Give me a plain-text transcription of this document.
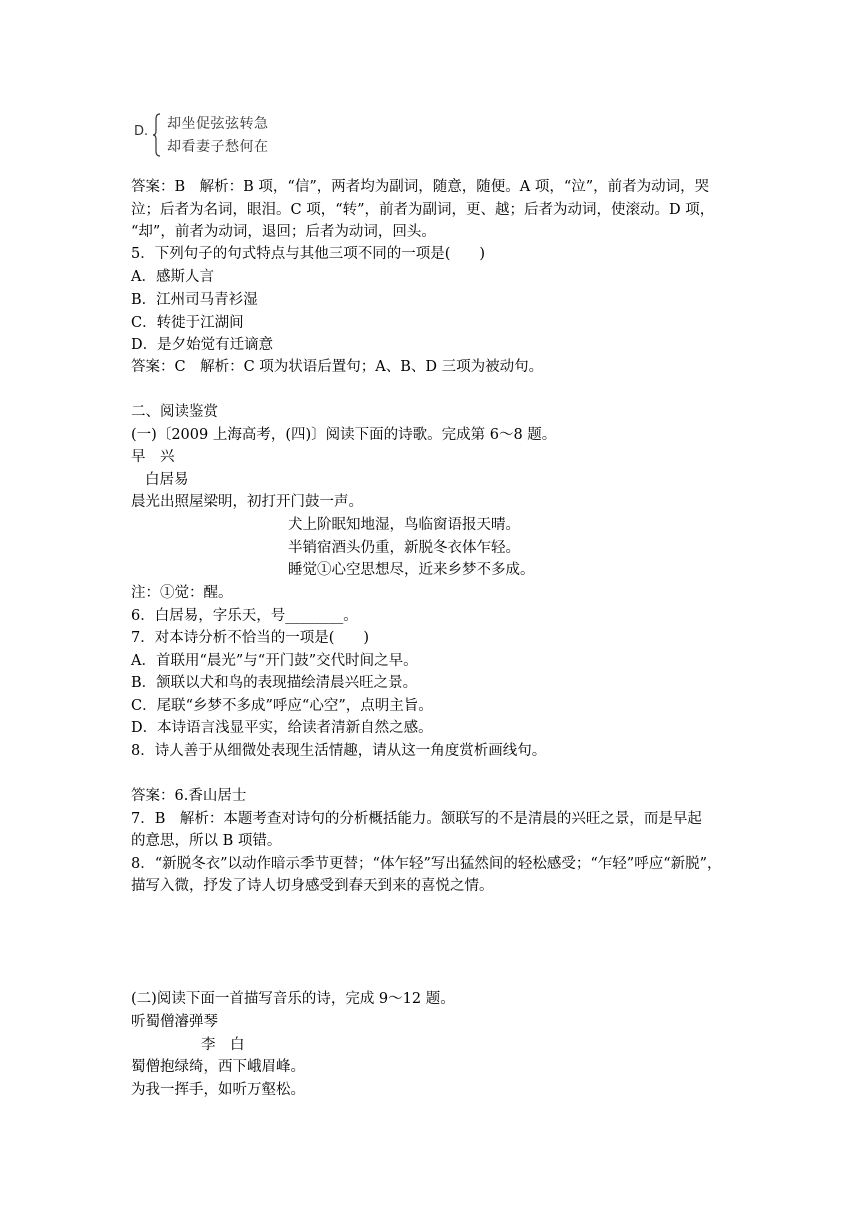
D. 却坐促弦弦转急
却看妻子愁何在
答案：B　解析：B 项，“信”，两者均为副词，随意，随便。A 项，“泣”，前者为动词，哭
泣；后者为名词，眼泪。C 项，“转”，前者为副词，更、越；后者为动词，使滚动。D 项，
“却”，前者为动词，退回；后者为动词，回头。
5．下列句子的句式特点与其他三项不同的一项是(　　)
A．感斯人言
B．江州司马青衫湿
C．转徙于江湖间
D．是夕始觉有迁谪意
答案：C　解析：C 项为状语后置句；A、B、D 三项为被动句。
二、阅读鉴赏
(一)〔2009 上海高考，(四)〕阅读下面的诗歌。完成第 6～8 题。
早　兴
白居易
晨光出照屋梁明，初打开门鼓一声。
犬上阶眠知地湿，鸟临窗语报天晴。
半销宿酒头仍重，新脱冬衣体乍轻。
睡觉①心空思想尽，近来乡梦不多成。
注：①觉：醒。
6．白居易，字乐天，号________。
7．对本诗分析不恰当的一项是(　　)
A．首联用“晨光”与“开门鼓”交代时间之早。
B．颔联以犬和鸟的表现描绘清晨兴旺之景。
C．尾联“乡梦不多成”呼应“心空”，点明主旨。
D．本诗语言浅显平实，给读者清新自然之感。
8．诗人善于从细微处表现生活情趣，请从这一角度赏析画线句。
答案：6.香山居士
7．B　解析：本题考查对诗句的分析概括能力。颔联写的不是清晨的兴旺之景，而是早起
的意思，所以 B 项错。
8．“新脱冬衣”以动作暗示季节更替；“体乍轻”写出猛然间的轻松感受；“乍轻”呼应“新脱”，
描写入微，抒发了诗人切身感受到春天到来的喜悦之情。
(二)阅读下面一首描写音乐的诗，完成 9～12 题。
听蜀僧濬弹琴
李　白
蜀僧抱绿绮，西下峨眉峰。
为我一挥手，如听万壑松。
